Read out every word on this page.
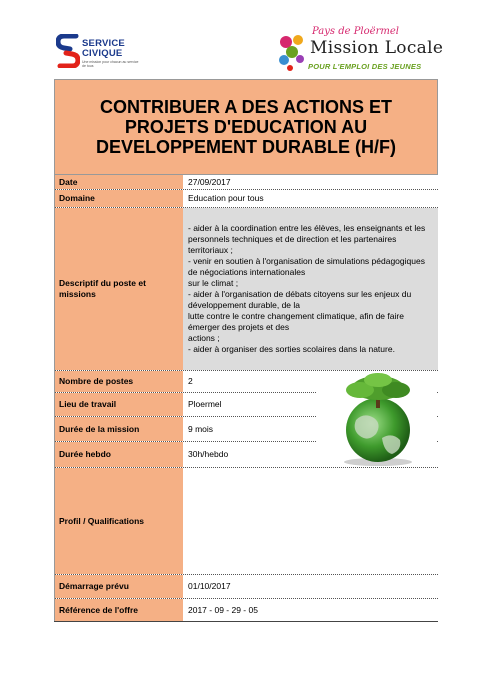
SERVICE
CIVIQUE
Une mission pour chacun au service de tous
Pays de Ploërmel
Mission Locale
POUR L'EMPLOI DES JEUNES
CONTRIBUER A DES ACTIONS ET PROJETS D'EDUCATION AU DEVELOPPEMENT DURABLE (H/F)
Date	27/09/2017
Domaine	Education pour tous
Descriptif du poste et missions
- aider à la coordination entre les élèves, les enseignants et les personnels techniques et de direction et les partenaires territoriaux ;
- venir en soutien à l'organisation de simulations pédagogiques de négociations internationales
sur le climat ;
- aider à l'organisation de débats citoyens sur les enjeux du développement durable, de la
lutte contre le contre changement climatique, afin de faire émerger des projets et des
actions ;
- aider à organiser des sorties scolaires dans la nature.
Nombre de postes	2
Lieu de travail	Ploermel
Durée de la mission	9 mois
Durée hebdo	30h/hebdo
Profil / Qualifications
Démarrage prévu	01/10/2017
Référence de l'offre	2017 - 09 - 29 - 05
